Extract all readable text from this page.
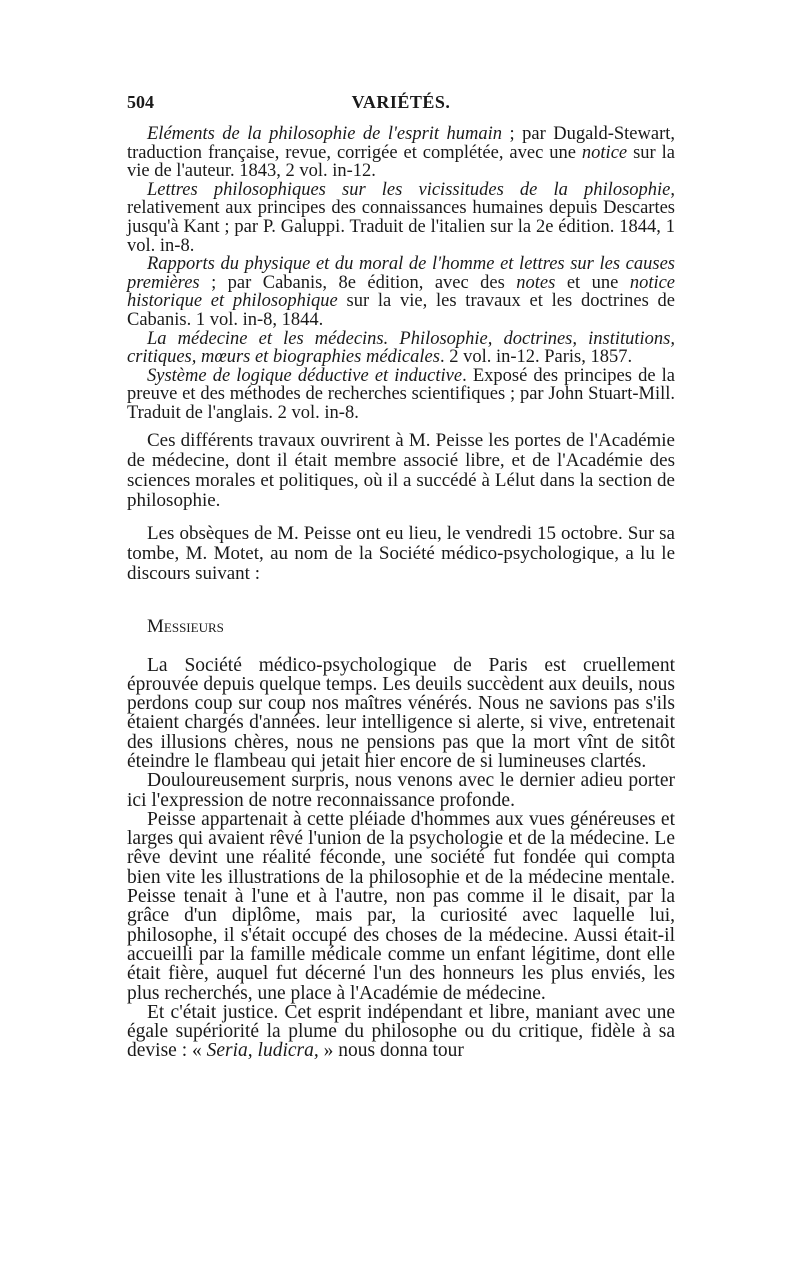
504	VARIÉTÉS.

Eléments de la philosophie de l'esprit humain ; par Dugald-Stewart, traduction française, revue, corrigée et complétée, avec une notice sur la vie de l'auteur. 1843, 2 vol. in-12.

Lettres philosophiques sur les vicissitudes de la philosophie, relativement aux principes des connaissances humaines depuis Descartes jusqu'à Kant ; par P. Galuppi. Traduit de l'italien sur la 2e édition. 1844, 1 vol. in-8.

Rapports du physique et du moral de l'homme et lettres sur les causes premières ; par Cabanis, 8e édition, avec des notes et une notice historique et philosophique sur la vie, les travaux et les doctrines de Cabanis. 1 vol. in-8, 1844.

La médecine et les médecins. Philosophie, doctrines, institutions, critiques, mœurs et biographies médicales. 2 vol. in-12. Paris, 1857.

Système de logique déductive et inductive. Exposé des principes de la preuve et des méthodes de recherches scientifiques ; par John Stuart-Mill. Traduit de l'anglais. 2 vol. in-8.

Ces différents travaux ouvrirent à M. Peisse les portes de l'Académie de médecine, dont il était membre associé libre, et de l'Académie des sciences morales et politiques, où il a succédé à Lélut dans la section de philosophie.

Les obsèques de M. Peisse ont eu lieu, le vendredi 15 octobre. Sur sa tombe, M. Motet, au nom de la Société médico-psychologique, a lu le discours suivant :

Messieurs

La Société médico-psychologique de Paris est cruellement éprouvée depuis quelque temps. Les deuils succèdent aux deuils, nous perdons coup sur coup nos maîtres vénérés. Nous ne savions pas s'ils étaient chargés d'années. leur intelligence si alerte, si vive, entretenait des illusions chères, nous ne pensions pas que la mort vînt de sitôt éteindre le flambeau qui jetait hier encore de si lumineuses clartés.

Douloureusement surpris, nous venons avec le dernier adieu porter ici l'expression de notre reconnaissance profonde.

Peisse appartenait à cette pléiade d'hommes aux vues généreuses et larges qui avaient rêvé l'union de la psychologie et de la médecine. Le rêve devint une réalité féconde, une société fut fondée qui compta bien vite les illustrations de la philosophie et de la médecine mentale. Peisse tenait à l'une et à l'autre, non pas comme il le disait, par la grâce d'un diplôme, mais par, la curiosité avec laquelle lui, philosophe, il s'était occupé des choses de la médecine. Aussi était-il accueilli par la famille médicale comme un enfant légitime, dont elle était fière, auquel fut décerné l'un des honneurs les plus enviés, les plus recherchés, une place à l'Académie de médecine.

Et c'était justice. Cet esprit indépendant et libre, maniant avec une égale supériorité la plume du philosophe ou du critique, fidèle à sa devise : « Seria, ludicra, » nous donna tour
